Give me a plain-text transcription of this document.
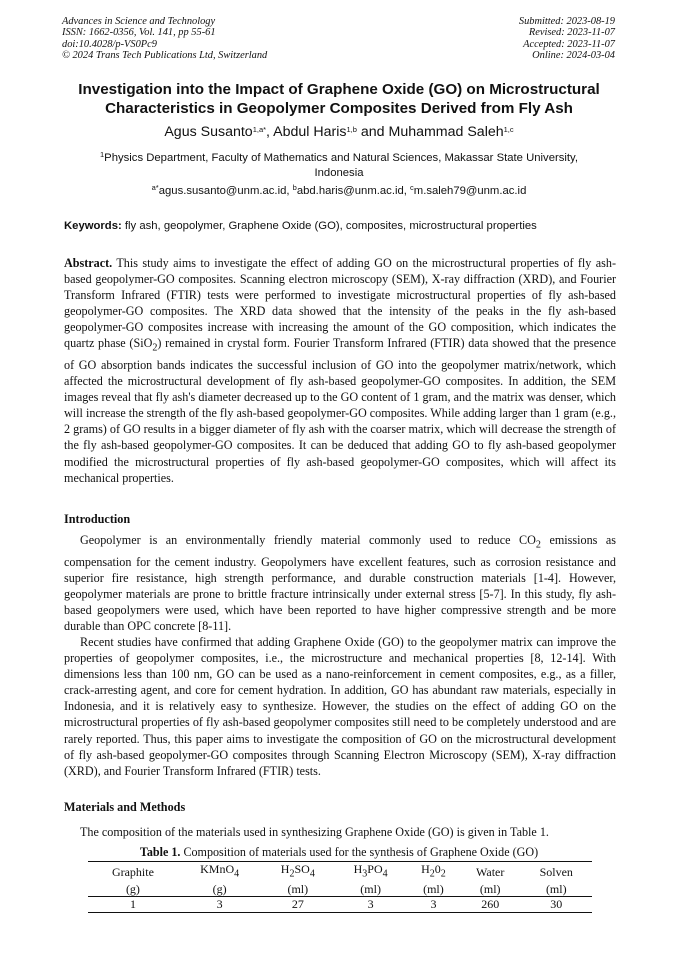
Advances in Science and Technology
ISSN: 1662-0356, Vol. 141, pp 55-61
doi:10.4028/p-VS0Pc9
© 2024 Trans Tech Publications Ltd, Switzerland
Submitted: 2023-08-19
Revised: 2023-11-07
Accepted: 2023-11-07
Online: 2024-03-04
Investigation into the Impact of Graphene Oxide (GO) on Microstructural
Characteristics in Geopolymer Composites Derived from Fly Ash
Agus Susanto$^{1,a*}$, Abdul Haris$^{1,b}$ and Muhammad Saleh$^{1,c}$
$^1$Physics Department, Faculty of Mathematics and Natural Sciences, Makassar State University,
Indonesia
$^{a*}$agus.susanto@unm.ac.id, $^b$abd.haris@unm.ac.id, $^c$m.saleh79@unm.ac.id
Keywords: fly ash, geopolymer, Graphene Oxide (GO), composites, microstructural properties
Abstract. This study aims to investigate the effect of adding GO on the microstructural properties of fly ash-based geopolymer-GO composites. Scanning electron microscopy (SEM), X-ray diffraction (XRD), and Fourier Transform Infrared (FTIR) tests were performed to investigate microstructural properties of fly ash-based geopolymer-GO composites. The XRD data showed that the intensity of the peaks in the fly ash-based geopolymer-GO composites increase with increasing the amount of the GO composition, which indicates the quartz phase (SiO$_2$) remained in crystal form. Fourier Transform Infrared (FTIR) data showed that the presence of GO absorption bands indicates the successful inclusion of GO into the geopolymer matrix/network, which affected the microstructural development of fly ash-based geopolymer-GO composites. In addition, the SEM images reveal that fly ash's diameter decreased up to the GO content of 1 gram, and the matrix was denser, which will increase the strength of the fly ash-based geopolymer-GO composites. While adding larger than 1 gram (e.g., 2 grams) of GO results in a bigger diameter of fly ash with the coarser matrix, which will decrease the strength of the fly ash-based geopolymer-GO composites. It can be deduced that adding GO to fly ash-based geopolymer modified the microstructural properties of fly ash-based geopolymer-GO composites, which will affect its mechanical properties.
Introduction

Geopolymer is an environmentally friendly material commonly used to reduce $CO_2$ emissions as compensation for the cement industry. Geopolymers have excellent features, such as corrosion resistance and superior fire resistance, high strength performance, and durable construction materials [1-4]. However, geopolymer materials are prone to brittle fracture intrinsically under external stress [5-7]. In this study, fly ash-based geopolymers were used, which have been reported to have higher compressive strength and be more durable than OPC concrete [8-11].

Recent studies have confirmed that adding Graphene Oxide (GO) to the geopolymer matrix can improve the properties of geopolymer composites, i.e., the microstructure and mechanical properties [8, 12-14]. With dimensions less than 100 nm, GO can be used as a nano-reinforcement in cement composites, e.g., as a filler, crack-arresting agent, and core for cement hydration. In addition, GO has abundant raw materials, especially in Indonesia, and it is relatively easy to synthesize. However, the studies on the effect of adding GO on the microstructural properties of fly ash-based geopolymer composites still need to be completely understood and are rarely reported. Thus, this paper aims to investigate the composition of GO on the microstructural development of fly ash-based geopolymer-GO composites through Scanning Electron Microscopy (SEM), X-ray diffraction (XRD), and Fourier Transform Infrared (FTIR) tests.

Materials and Methods

The composition of the materials used in synthesizing Graphene Oxide (GO) is given in Table 1.

Table 1. Composition of materials used for the synthesis of Graphene Oxide (GO)
Graphite	KMnO$_4$	$H_2SO_4$	$H_3PO_4$	$H_20_2$	Water	Solven
(g)	(g)	(ml)	(ml)	(ml)	(ml)	(ml)
1	3	27	3	3	260	30
